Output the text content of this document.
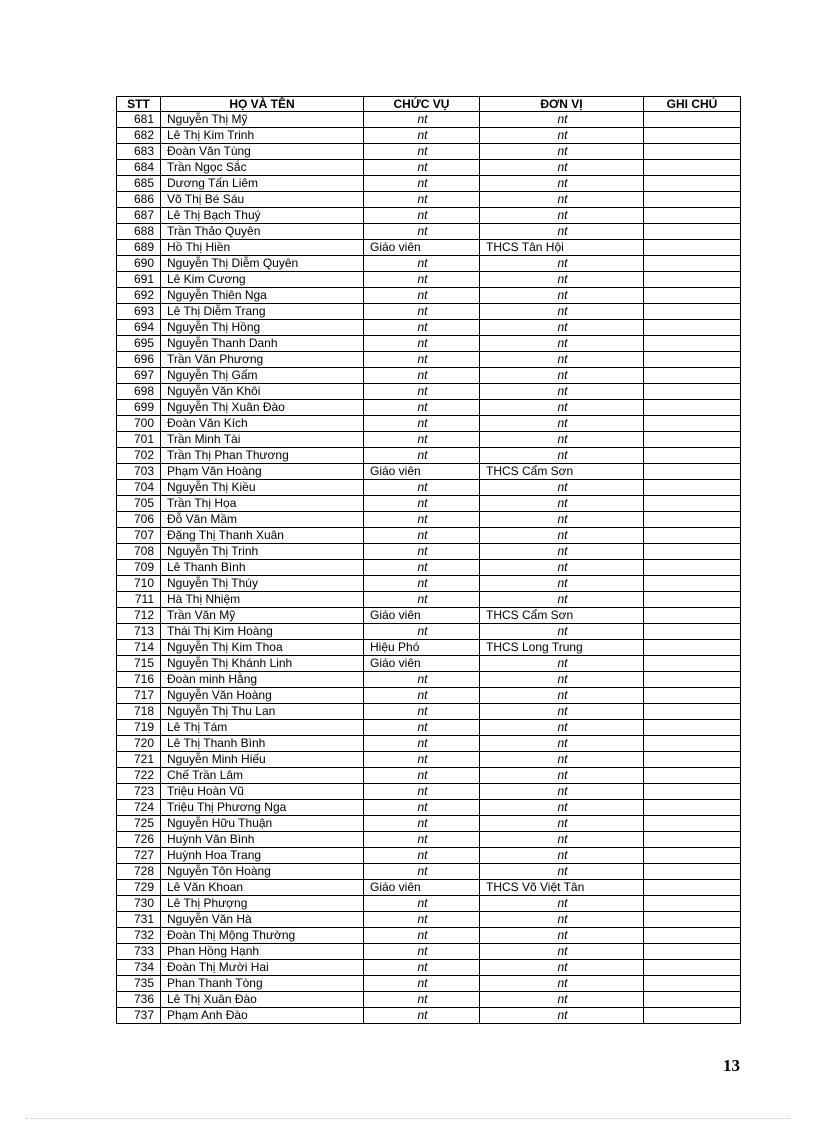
STT	HỌ VÀ TÊN	CHỨC VỤ	ĐƠN VỊ	GHI CHÚ
681	Nguyễn Thị Mỹ	nt	nt	
682	Lê Thị Kim Trinh	nt	nt	
683	Đoàn Văn Tùng	nt	nt	
684	Trần Ngọc Sắc	nt	nt	
685	Dương Tấn Liêm	nt	nt	
686	Võ Thị Bé Sáu	nt	nt	
687	Lê Thị Bạch Thuý	nt	nt	
688	Trần Thảo Quyên	nt	nt	
689	Hồ Thị Hiền	Giáo viên	THCS Tân Hội	
690	Nguyễn Thị Diễm Quyên	nt	nt	
691	Lê Kim Cương	nt	nt	
692	Nguyễn Thiên Nga	nt	nt	
693	Lê Thị Diễm Trang	nt	nt	
694	Nguyễn Thị Hồng	nt	nt	
695	Nguyễn Thanh Danh	nt	nt	
696	Trần Văn Phương	nt	nt	
697	Nguyễn Thị Gấm	nt	nt	
698	Nguyễn Văn Khôi	nt	nt	
699	Nguyễn Thị Xuân Đào	nt	nt	
700	Đoàn Văn Kích	nt	nt	
701	Trần Minh Tài	nt	nt	
702	Trần Thị Phan Thương	nt	nt	
703	Phạm Văn Hoàng	Giáo viên	THCS Cẩm Sơn	
704	Nguyễn Thị Kiều	nt	nt	
705	Trần Thị Họa	nt	nt	
706	Đỗ Văn Mầm	nt	nt	
707	Đặng Thị Thanh Xuân	nt	nt	
708	Nguyễn Thị Trinh	nt	nt	
709	Lê Thanh Bình	nt	nt	
710	Nguyễn Thị Thúy	nt	nt	
711	Hà Thị Nhiệm	nt	nt	
712	Trần Văn Mỹ	Giáo viên	THCS Cẩm Sơn	
713	Thái Thị Kim Hoàng	nt	nt	
714	Nguyễn Thị Kim Thoa	Hiệu Phó	THCS Long Trung	
715	Nguyễn Thị Khánh Linh	Giáo viên	nt	
716	Đoàn minh Hằng	nt	nt	
717	Nguyễn Văn Hoàng	nt	nt	
718	Nguyễn Thị Thu Lan	nt	nt	
719	Lê Thị Tám	nt	nt	
720	Lê Thị Thanh Bình	nt	nt	
721	Nguyễn Minh Hiếu	nt	nt	
722	Chế Trần Lâm	nt	nt	
723	Triệu Hoàn Vũ	nt	nt	
724	Triệu Thị Phương Nga	nt	nt	
725	Nguyễn Hữu Thuận	nt	nt	
726	Huỳnh Văn Bình	nt	nt	
727	Huỳnh Hoa Trang	nt	nt	
728	Nguyễn Tôn Hoàng	nt	nt	
729	Lê Văn Khoan	Giáo viên	THCS Võ Việt Tân	
730	Lê Thị Phượng	nt	nt	
731	Nguyễn Văn Hà	nt	nt	
732	Đoàn Thị Mộng Thường	nt	nt	
733	Phan Hồng Hạnh	nt	nt	
734	Đoàn Thị Mười Hai	nt	nt	
735	Phan Thanh Tòng	nt	nt	
736	Lê Thị Xuân Đào	nt	nt	
737	Phạm Anh Đào	nt	nt	
13
